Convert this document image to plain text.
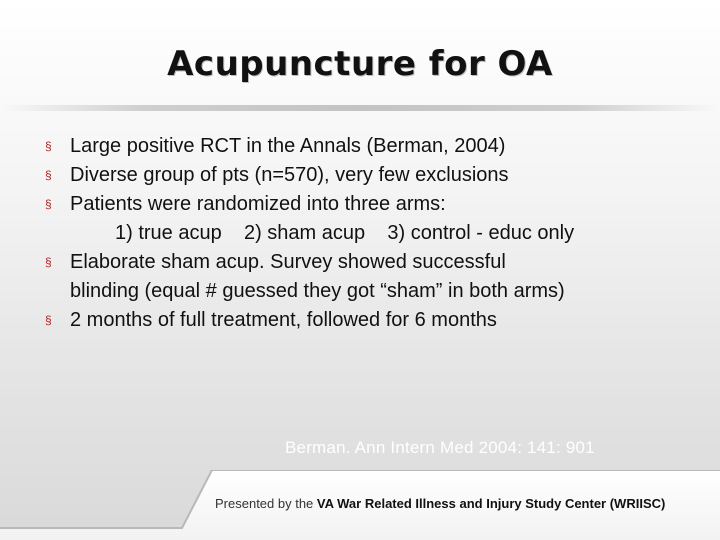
Acupuncture for OA
§ Large positive RCT in the Annals (Berman, 2004)
§ Diverse group of pts (n=570), very few exclusions
§ Patients were randomized into three arms:
1) true acup    2) sham acup    3) control - educ only
§ Elaborate sham acup. Survey showed successful
blinding (equal # guessed they got “sham” in both arms)
§ 2 months of full treatment, followed for 6 months
Berman. Ann Intern Med 2004: 141: 901
Presented by the VA War Related Illness and Injury Study Center (WRIISC)
